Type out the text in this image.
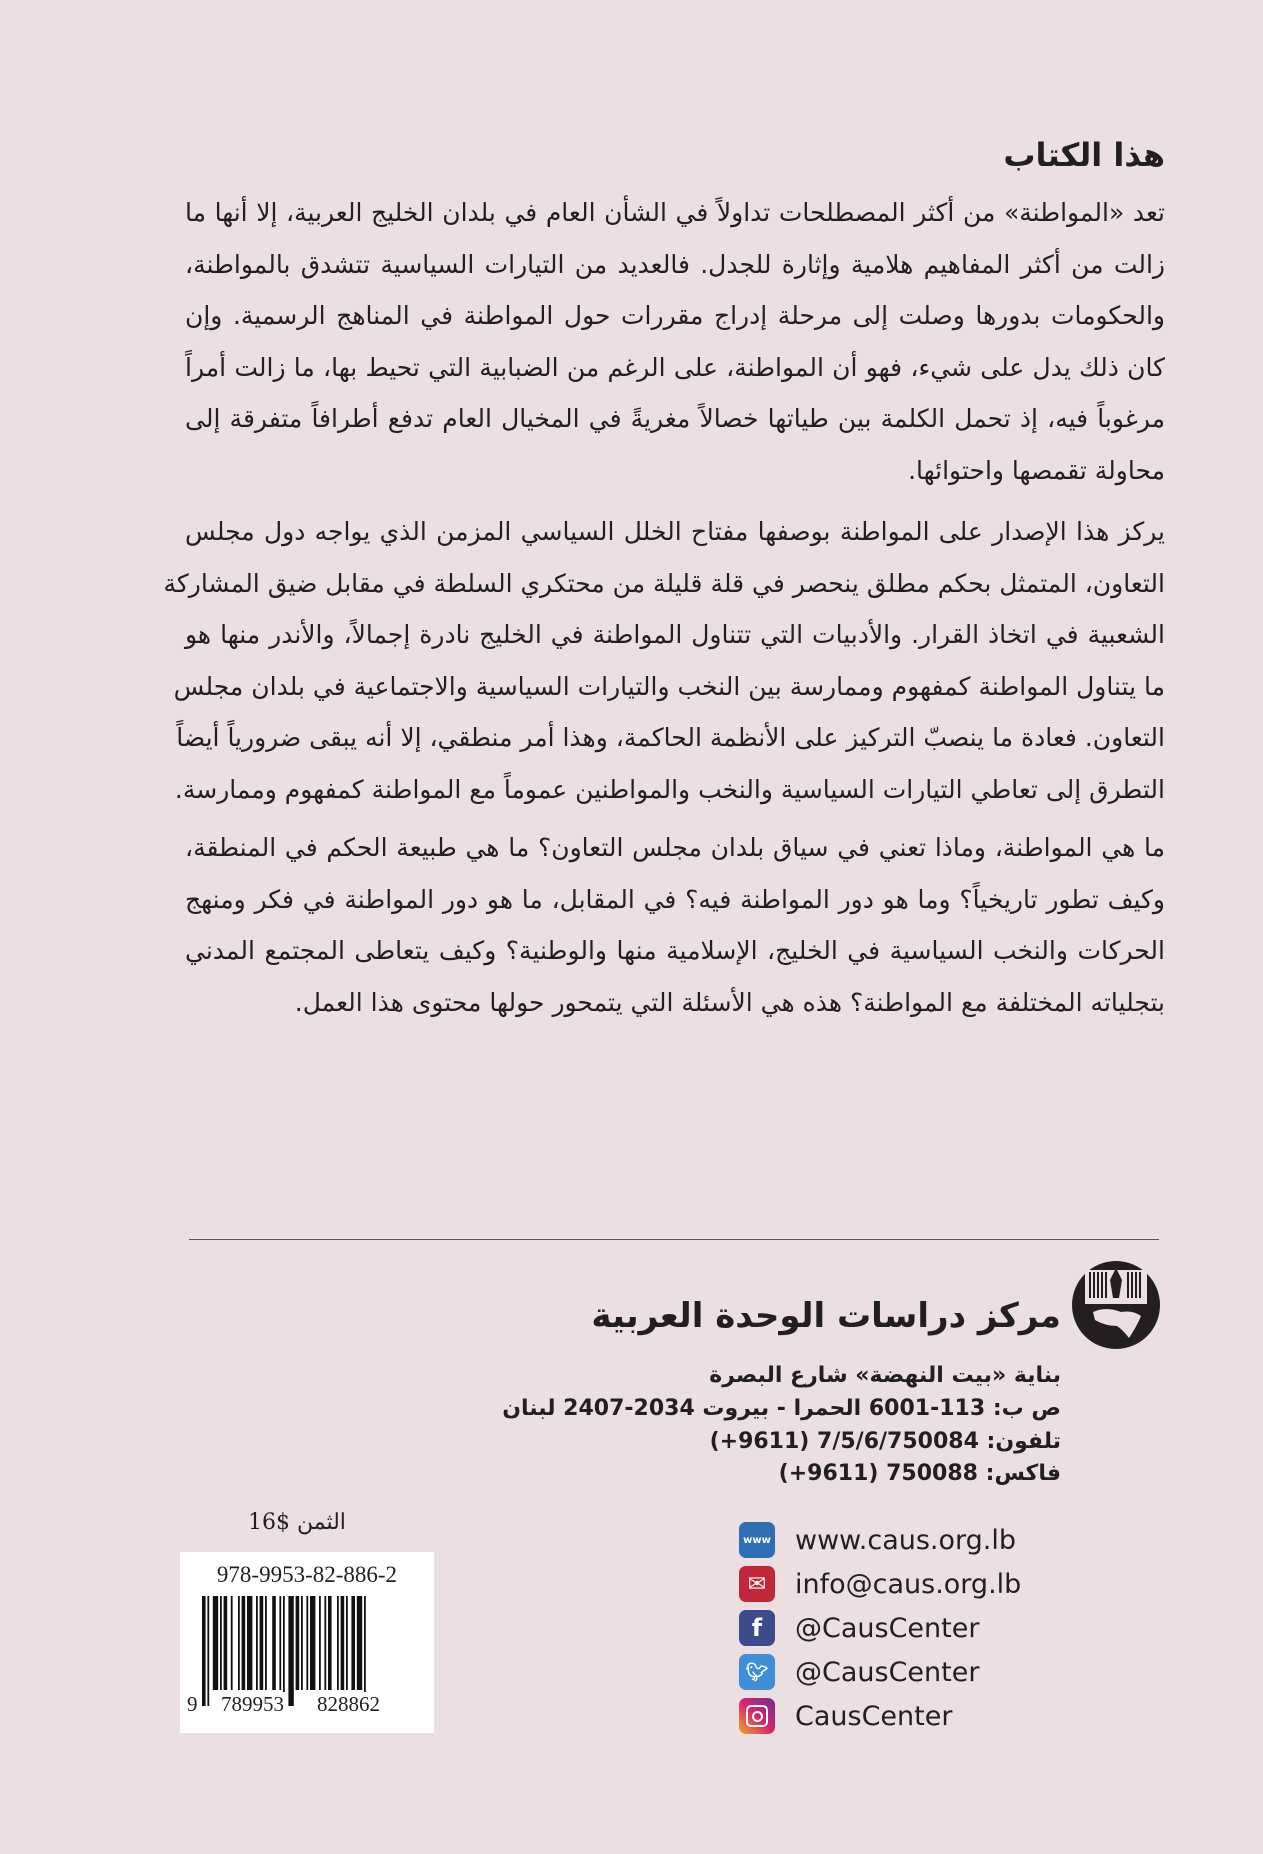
هذا الكتاب
تعد «المواطنة» من أكثر المصطلحات تداولاً في الشأن العام في بلدان الخليج العربية، إلا أنها ما
زالت من أكثر المفاهيم هلامية وإثارة للجدل. فالعديد من التيارات السياسية تتشدق بالمواطنة،
والحكومات بدورها وصلت إلى مرحلة إدراج مقررات حول المواطنة في المناهج الرسمية. وإن
كان ذلك يدل على شيء، فهو أن المواطنة، على الرغم من الضبابية التي تحيط بها، ما زالت أمراً
مرغوباً فيه، إذ تحمل الكلمة بين طياتها خصالاً مغريةً في المخيال العام تدفع أطرافاً متفرقة إلى
محاولة تقمصها واحتوائها.
يركز هذا الإصدار على المواطنة بوصفها مفتاح الخلل السياسي المزمن الذي يواجه دول مجلس
التعاون، المتمثل بحكم مطلق ينحصر في قلة قليلة من محتكري السلطة في مقابل ضيق المشاركة
الشعبية في اتخاذ القرار. والأدبيات التي تتناول المواطنة في الخليج نادرة إجمالاً، والأندر منها هو
ما يتناول المواطنة كمفهوم وممارسة بين النخب والتيارات السياسية والاجتماعية في بلدان مجلس
التعاون. فعادة ما ينصبّ التركيز على الأنظمة الحاكمة، وهذا أمر منطقي، إلا أنه يبقى ضرورياً أيضاً
التطرق إلى تعاطي التيارات السياسية والنخب والمواطنين عموماً مع المواطنة كمفهوم وممارسة.
ما هي المواطنة، وماذا تعني في سياق بلدان مجلس التعاون؟ ما هي طبيعة الحكم في المنطقة،
وكيف تطور تاريخياً؟ وما هو دور المواطنة فيه؟ في المقابل، ما هو دور المواطنة في فكر ومنهج
الحركات والنخب السياسية في الخليج، الإسلامية منها والوطنية؟ وكيف يتعاطى المجتمع المدني
بتجلياته المختلفة مع المواطنة؟ هذه هي الأسئلة التي يتمحور حولها محتوى هذا العمل.
مركز دراسات الوحدة العربية
بناية «بيت النهضة» شارع البصرة
ص ب: 113-6001 الحمرا - بيروت 2034-2407 لبنان
تلفون: 7/5/6/750084 (9611+)
فاكس: 750088 (9611+)
الثمن $16
978-9953-82-886-2
9 789953 828862
www www.caus.org.lb
✉	info@caus.org.lb
f	@CausCenter
🐦︎ @CausCenter
CausCenter
